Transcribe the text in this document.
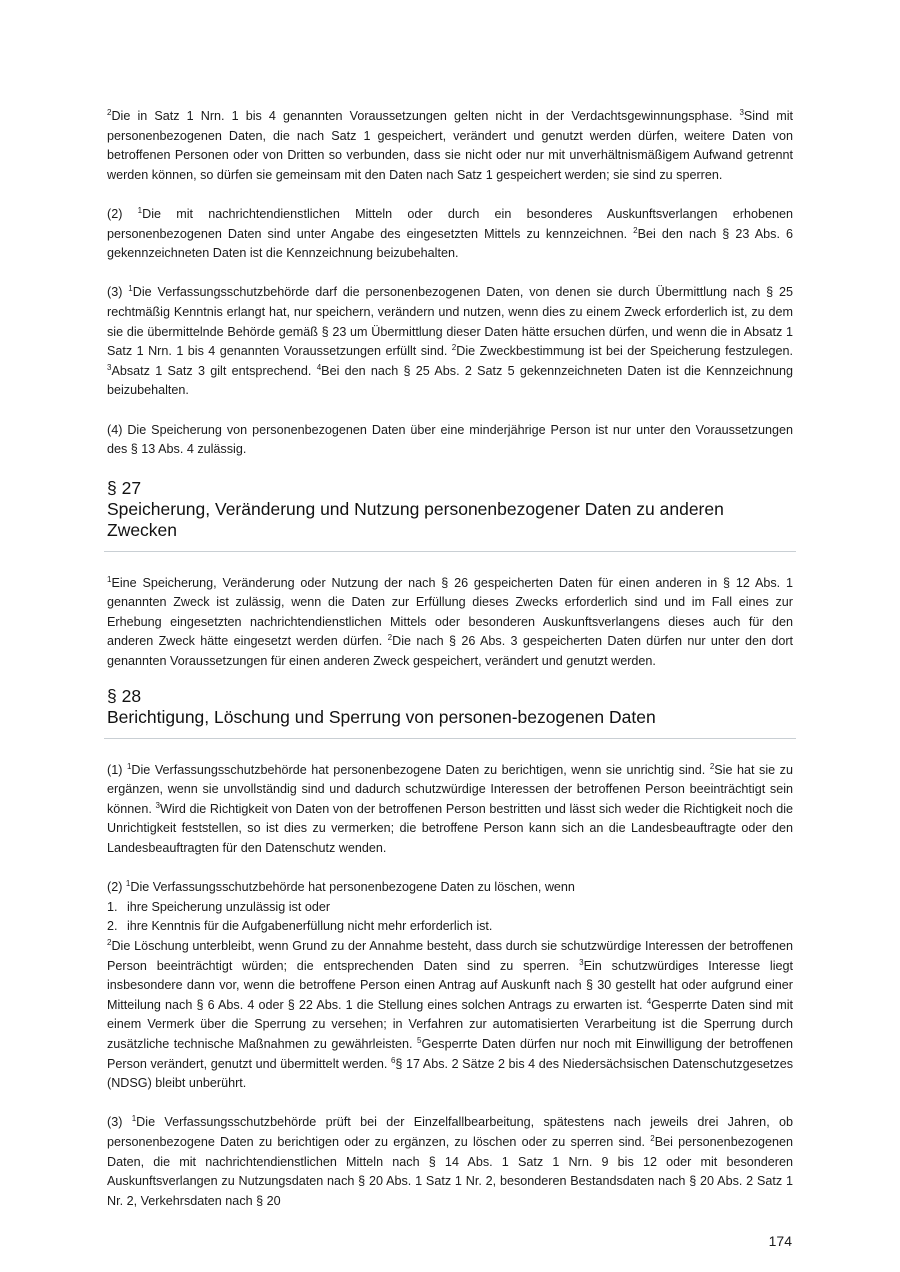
$^2$Die in Satz 1 Nrn. 1 bis 4 genannten Voraussetzungen gelten nicht in der Verdachtsgewinnungsphase. $^3$Sind mit personenbezogenen Daten, die nach Satz 1 gespeichert, verändert und genutzt werden dürfen, weitere Daten von betroffenen Personen oder von Dritten so verbunden, dass sie nicht oder nur mit unverhältnismäßigem Aufwand getrennt werden können, so dürfen sie gemeinsam mit den Daten nach Satz 1 gespeichert werden; sie sind zu sperren.

(2) $^1$Die mit nachrichtendienstlichen Mitteln oder durch ein besonderes Auskunftsverlangen erhobenen personenbezogenen Daten sind unter Angabe des eingesetzten Mittels zu kennzeichnen. $^2$Bei den nach § 23 Abs. 6 gekennzeichneten Daten ist die Kennzeichnung beizubehalten.

(3) $^1$Die Verfassungsschutzbehörde darf die personenbezogenen Daten, von denen sie durch Übermittlung nach § 25 rechtmäßig Kenntnis erlangt hat, nur speichern, verändern und nutzen, wenn dies zu einem Zweck erforderlich ist, zu dem sie die übermittelnde Behörde gemäß § 23 um Übermittlung dieser Daten hätte ersuchen dürfen, und wenn die in Absatz 1 Satz 1 Nrn. 1 bis 4 genannten Voraussetzungen erfüllt sind. $^2$Die Zweckbestimmung ist bei der Speicherung festzulegen. $^3$Absatz 1 Satz 3 gilt entsprechend. $^4$Bei den nach § 25 Abs. 2 Satz 5 gekennzeichneten Daten ist die Kennzeichnung beizubehalten.

(4) Die Speicherung von personenbezogenen Daten über eine minderjährige Person ist nur unter den Voraussetzungen des § 13 Abs. 4 zulässig.

§ 27
Speicherung, Veränderung und Nutzung personenbezogener Daten zu anderen Zwecken

$^1$Eine Speicherung, Veränderung oder Nutzung der nach § 26 gespeicherten Daten für einen anderen in § 12 Abs. 1 genannten Zweck ist zulässig, wenn die Daten zur Erfüllung dieses Zwecks erforderlich sind und im Fall eines zur Erhebung eingesetzten nachrichtendienstlichen Mittels oder besonderen Auskunftsverlangens dieses auch für den anderen Zweck hätte eingesetzt werden dürfen. $^2$Die nach § 26 Abs. 3 gespeicherten Daten dürfen nur unter den dort genannten Voraussetzungen für einen anderen Zweck gespeichert, verändert und genutzt werden.

§ 28
Berichtigung, Löschung und Sperrung von personen-bezogenen Daten

(1) $^1$Die Verfassungsschutzbehörde hat personenbezogene Daten zu berichtigen, wenn sie unrichtig sind. $^2$Sie hat sie zu ergänzen, wenn sie unvollständig sind und dadurch schutzwürdige Interessen der betroffenen Person beeinträchtigt sein können. $^3$Wird die Richtigkeit von Daten von der betroffenen Person bestritten und lässt sich weder die Richtigkeit noch die Unrichtigkeit feststellen, so ist dies zu vermerken; die betroffene Person kann sich an die Landesbeauftragte oder den Landesbeauftragten für den Datenschutz wenden.

(2) $^1$Die Verfassungsschutzbehörde hat personenbezogene Daten zu löschen, wenn

1. ihre Speicherung unzulässig ist oder
2. ihre Kenntnis für die Aufgabenerfüllung nicht mehr erforderlich ist.

$^2$Die Löschung unterbleibt, wenn Grund zu der Annahme besteht, dass durch sie schutzwürdige Interessen der betroffenen Person beeinträchtigt würden; die entsprechenden Daten sind zu sperren. $^3$Ein schutzwürdiges Interesse liegt insbesondere dann vor, wenn die betroffene Person einen Antrag auf Auskunft nach § 30 gestellt hat oder aufgrund einer Mitteilung nach § 6 Abs. 4 oder § 22 Abs. 1 die Stellung eines solchen Antrags zu erwarten ist. $^4$Gesperrte Daten sind mit einem Vermerk über die Sperrung zu versehen; in Verfahren zur automatisierten Verarbeitung ist die Sperrung durch zusätzliche technische Maßnahmen zu gewährleisten. $^5$Gesperrte Daten dürfen nur noch mit Einwilligung der betroffenen Person verändert, genutzt und übermittelt werden. $^6$§ 17 Abs. 2 Sätze 2 bis 4 des Niedersächsischen Datenschutzgesetzes (NDSG) bleibt unberührt.

(3) $^1$Die Verfassungsschutzbehörde prüft bei der Einzelfallbearbeitung, spätestens nach jeweils drei Jahren, ob personenbezogene Daten zu berichtigen oder zu ergänzen, zu löschen oder zu sperren sind. $^2$Bei personenbezogenen Daten, die mit nachrichtendienstlichen Mitteln nach § 14 Abs. 1 Satz 1 Nrn. 9 bis 12 oder mit besonderen Auskunftsverlangen zu Nutzungsdaten nach § 20 Abs. 1 Satz 1 Nr. 2, besonderen Bestandsdaten nach § 20 Abs. 2 Satz 1 Nr. 2, Verkehrsdaten nach § 20

174
